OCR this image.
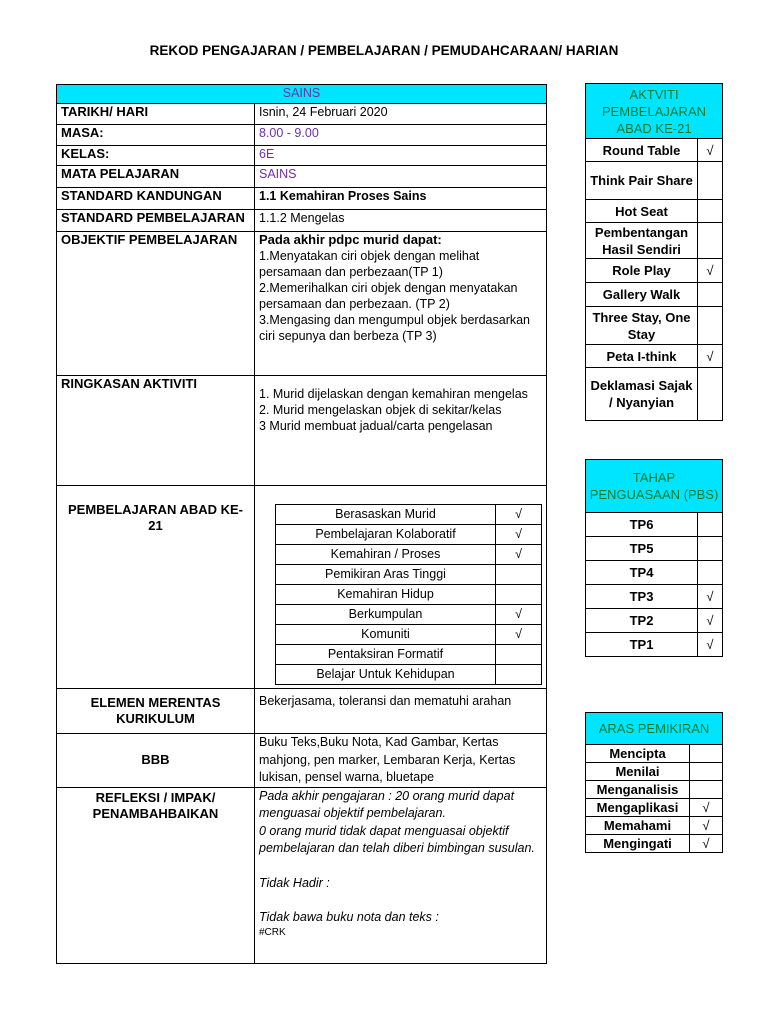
REKOD PENGAJARAN / PEMBELAJARAN / PEMUDAHCARAAN/ HARIAN
SAINS
TARIKH/ HARI	Isnin, 24 Februari 2020
MASA:	8.00 - 9.00
KELAS:	6E
MATA PELAJARAN	SAINS
STANDARD KANDUNGAN	1.1 Kemahiran Proses Sains
STANDARD PEMBELAJARAN	1.1.2 Mengelas
OBJEKTIF PEMBELAJARAN	Pada akhir pdpc murid dapat:
1.Menyatakan ciri objek dengan melihat persamaan dan perbezaan(TP 1)
2.Memerihalkan ciri objek dengan menyatakan persamaan dan perbezaan. (TP 2)
3.Mengasing dan mengumpul objek berdasarkan ciri sepunya dan berbeza (TP 3)

RINGKASAN AKTIVITI	
1. Murid dijelaskan dengan kemahiran mengelas
2. Murid mengelaskan objek di sekitar/kelas
3 Murid membuat jadual/carta pengelasan

PEMBELAJARAN ABAD KE-21	
Berasaskan Murid	√
Pembelajaran Kolaboratif	√
Kemahiran / Proses	√
Pemikiran Aras Tinggi	
Kemahiran Hidup	
Berkumpulan	√
Komuniti	√
Pentaksiran Formatif	
Belajar Untuk Kehidupan	

ELEMEN MERENTAS KURIKULUM	Bekerjasama, toleransi dan mematuhi arahan
BBB	Buku Teks,Buku Nota, Kad Gambar, Kertas mahjong, pen marker, Lembaran Kerja, Kertas lukisan, pensel warna, bluetape
REFLEKSI / IMPAK/ PENAMBAHBAIKAN	
Pada akhir pengajaran : 20 orang murid dapat menguasai objektif pembelajaran.
0 orang murid tidak dapat menguasai objektif pembelajaran dan telah diberi bimbingan susulan.
Tidak Hadir :
Tidak bawa buku nota dan teks :
#CRK
AKTVITI PEMBELAJARAN ABAD KE-21	
Round Table	√
Think Pair Share	
Hot Seat	
Pembentangan Hasil Sendiri	
Role Play	√
Gallery Walk	
Three Stay, One Stay	
Peta I-think	√
Deklamasi Sajak / Nyanyian	
TAHAP PENGUASAAN (PBS)	
TP6	
TP5	
TP4	
TP3	√
TP2	√
TP1	√
ARAS PEMIKIRAN	
Mencipta	
Menilai	
Menganalisis	
Mengaplikasi	√
Memahami	√
Mengingati	√
